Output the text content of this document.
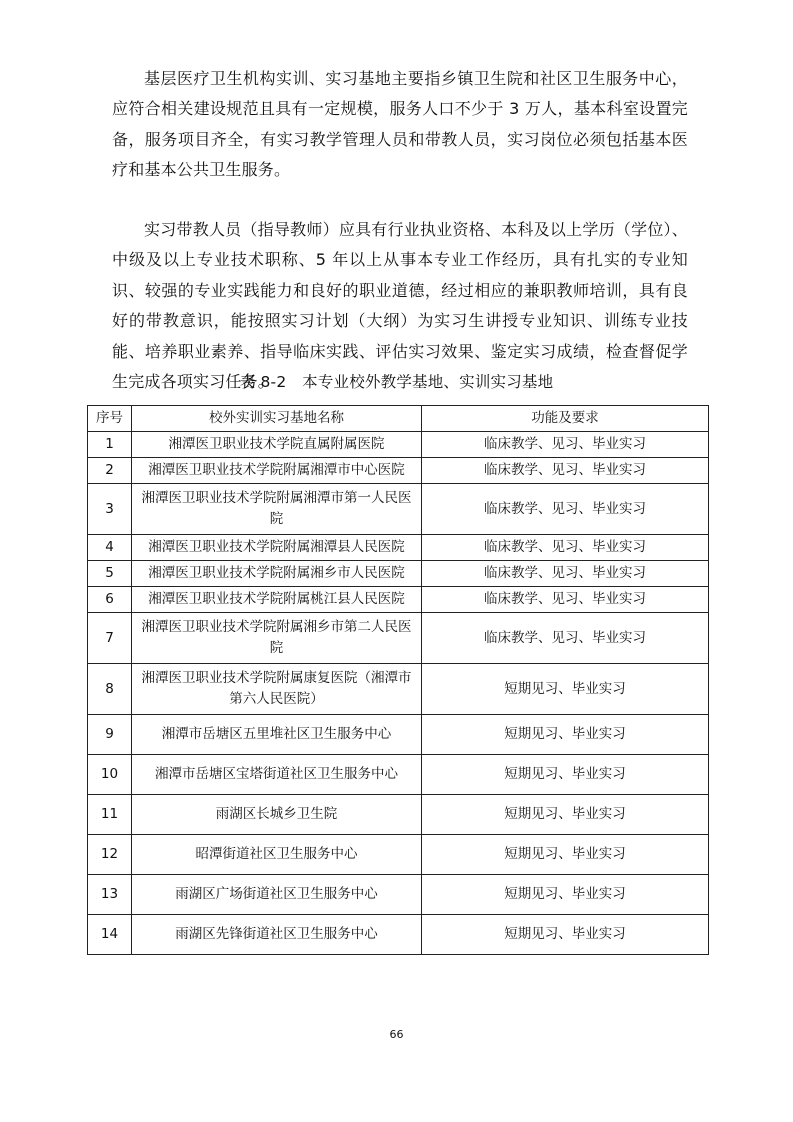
基层医疗卫生机构实训、实习基地主要指乡镇卫生院和社区卫生服务中心，应符合相关建设规范且具有一定规模，服务人口不少于 3 万人，基本科室设置完备，服务项目齐全，有实习教学管理人员和带教人员，实习岗位必须包括基本医疗和基本公共卫生服务。

实习带教人员（指导教师）应具有行业执业资格、本科及以上学历（学位）、中级及以上专业技术职称、5 年以上从事本专业工作经历，具有扎实的专业知识、较强的专业实践能力和良好的职业道德，经过相应的兼职教师培训，具有良好的带教意识，能按照实习计划（大纲）为实习生讲授专业知识、训练专业技能、培养职业素养、指导临床实践、评估实习效果、鉴定实习成绩，检查督促学生完成各项实习任务。

表 8-2　本专业校外教学基地、实训实习基地
序号	校外实训实习基地名称	功能及要求
1	湘潭医卫职业技术学院直属附属医院	临床教学、见习、毕业实习
2	湘潭医卫职业技术学院附属湘潭市中心医院	临床教学、见习、毕业实习
3	湘潭医卫职业技术学院附属湘潭市第一人民医院	临床教学、见习、毕业实习
4	湘潭医卫职业技术学院附属湘潭县人民医院	临床教学、见习、毕业实习
5	湘潭医卫职业技术学院附属湘乡市人民医院	临床教学、见习、毕业实习
6	湘潭医卫职业技术学院附属桃江县人民医院	临床教学、见习、毕业实习
7	湘潭医卫职业技术学院附属湘乡市第二人民医院	临床教学、见习、毕业实习
8	湘潭医卫职业技术学院附属康复医院（湘潭市第六人民医院）	短期见习、毕业实习
9	湘潭市岳塘区五里堆社区卫生服务中心	短期见习、毕业实习
10	湘潭市岳塘区宝塔街道社区卫生服务中心	短期见习、毕业实习
11	雨湖区长城乡卫生院	短期见习、毕业实习
12	昭潭街道社区卫生服务中心	短期见习、毕业实习
13	雨湖区广场街道社区卫生服务中心	短期见习、毕业实习
14	雨湖区先锋街道社区卫生服务中心	短期见习、毕业实习
66
